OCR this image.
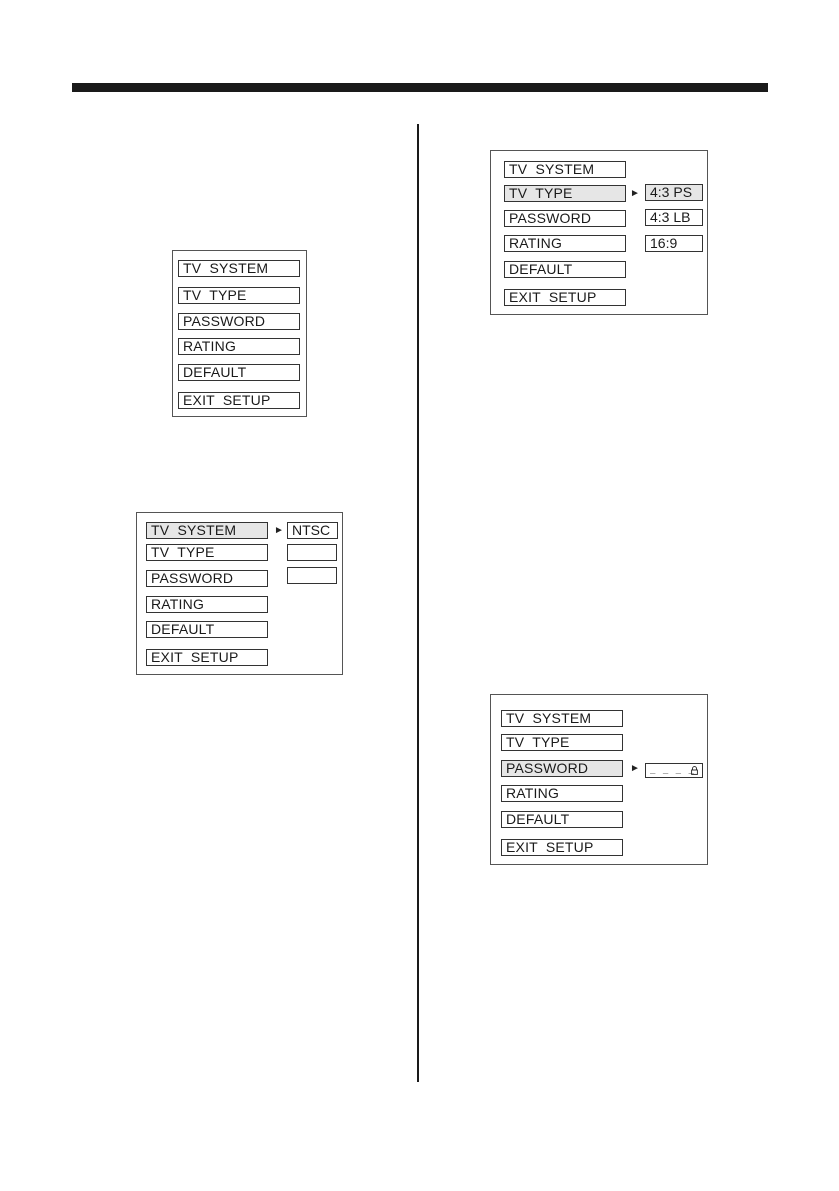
TV  SYSTEM
TV  TYPE
PASSWORD
RATING
DEFAULT
EXIT  SETUP
TV  SYSTEM
TV  TYPE
PASSWORD
RATING
DEFAULT
EXIT  SETUP
► NTSC
TV  SYSTEM
TV  TYPE
PASSWORD
RATING
DEFAULT
EXIT  SETUP
► 4:3 PS
4:3 LB
16:9
TV  SYSTEM
TV  TYPE
PASSWORD
RATING
DEFAULT
EXIT  SETUP
►	_ _ _ _
